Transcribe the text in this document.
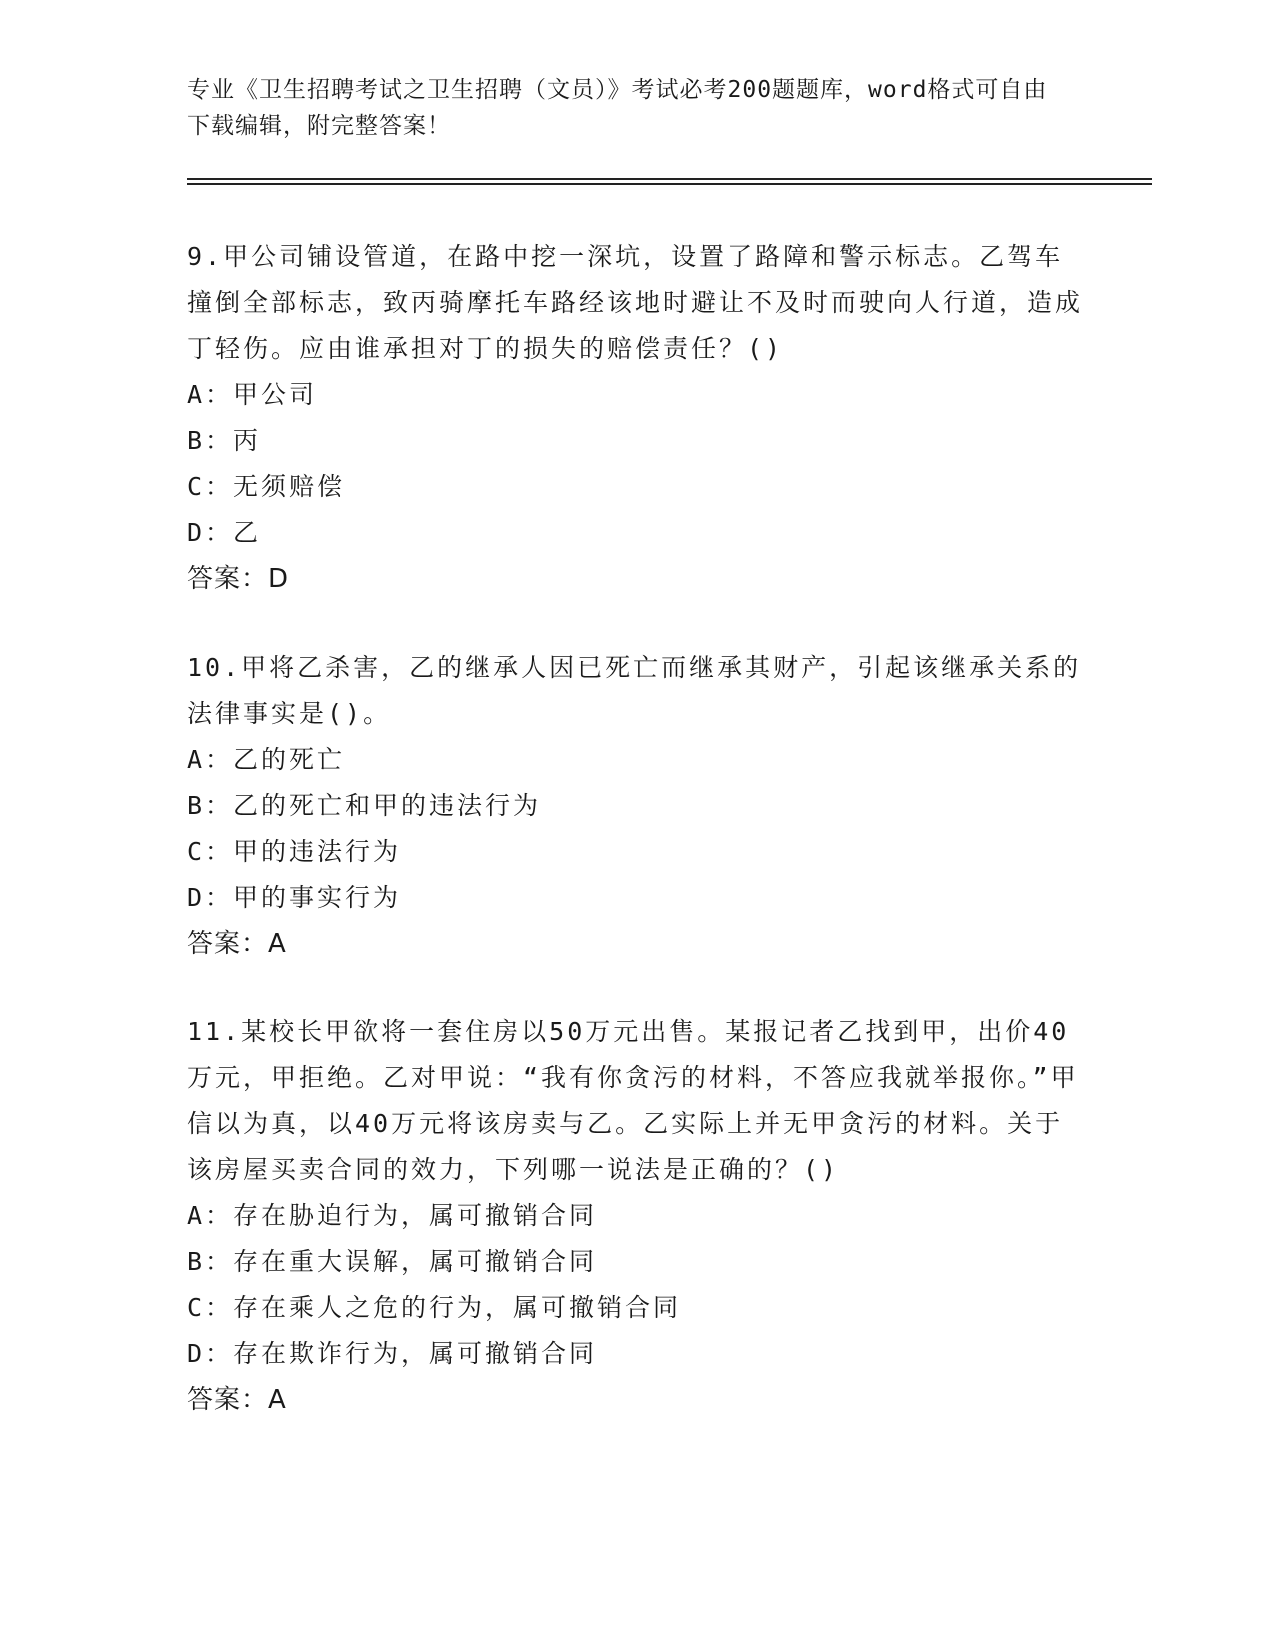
专业《卫生招聘考试之卫生招聘（文员）》考试必考200题题库，word格式可自由下载编辑，附完整答案！
9.甲公司铺设管道，在路中挖一深坑，设置了路障和警示标志。乙驾车撞倒全部标志，致丙骑摩托车路经该地时避让不及时而驶向人行道，造成丁轻伤。应由谁承担对丁的损失的赔偿责任？()
A：甲公司
B：丙
C：无须赔偿
D：乙
答案：D
10.甲将乙杀害，乙的继承人因已死亡而继承其财产，引起该继承关系的法律事实是()。
A：乙的死亡
B：乙的死亡和甲的违法行为
C：甲的违法行为
D：甲的事实行为
答案：A
11.某校长甲欲将一套住房以50万元出售。某报记者乙找到甲，出价40万元，甲拒绝。乙对甲说：“我有你贪污的材料，不答应我就举报你。”甲信以为真，以40万元将该房卖与乙。乙实际上并无甲贪污的材料。关于该房屋买卖合同的效力，下列哪一说法是正确的？()
A：存在胁迫行为，属可撤销合同
B：存在重大误解，属可撤销合同
C：存在乘人之危的行为，属可撤销合同
D：存在欺诈行为，属可撤销合同
答案：A
